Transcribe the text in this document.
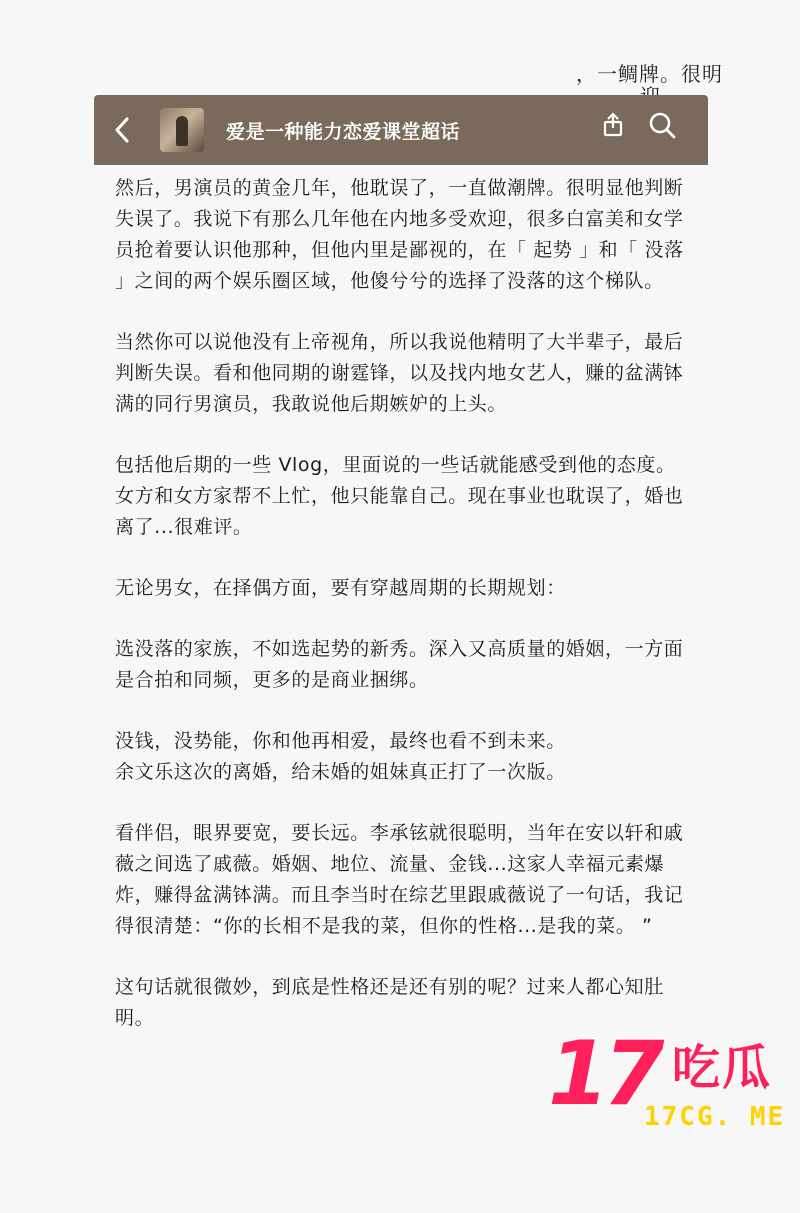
，一鲷牌。很明
爱是一种能力恋爱课堂超话

然后，男演员的黄金几年，他耽误了，一直做潮牌。很明显他判断失误了。我说下有那么几年他在内地多受欢迎，很多白富美和女学员抢着要认识他那种，但他内里是鄙视的，在「 起势 」和「 没落 」之间的两个娱乐圈区域，他傻兮兮的选择了没落的这个梯队。

当然你可以说他没有上帝视角，所以我说他精明了大半辈子，最后判断失误。看和他同期的谢霆锋，以及找内地女艺人，赚的盆满钵满的同行男演员，我敢说他后期嫉妒的上头。

包括他后期的一些 Vlog，里面说的一些话就能感受到他的态度。女方和女方家帮不上忙，他只能靠自己。现在事业也耽误了，婚也离了...很难评。

无论男女，在择偶方面，要有穿越周期的长期规划：

选没落的家族，不如选起势的新秀。深入又高质量的婚姻，一方面是合拍和同频，更多的是商业捆绑。

没钱，没势能，你和他再相爱，最终也看不到未来。
余文乐这次的离婚，给未婚的姐妹真正打了一次版。

看伴侣，眼界要宽，要长远。李承铉就很聪明，当年在安以轩和戚薇之间选了戚薇。婚姻、地位、流量、金钱...这家人幸福元素爆炸，赚得盆满钵满。而且李当时在综艺里跟戚薇说了一句话，我记得很清楚：“你的长相不是我的菜，但你的性格...是我的菜。 ”

这句话就很微妙，到底是性格还是还有别的呢？过来人都心知肚明。

17 吃瓜
17CG. ME
